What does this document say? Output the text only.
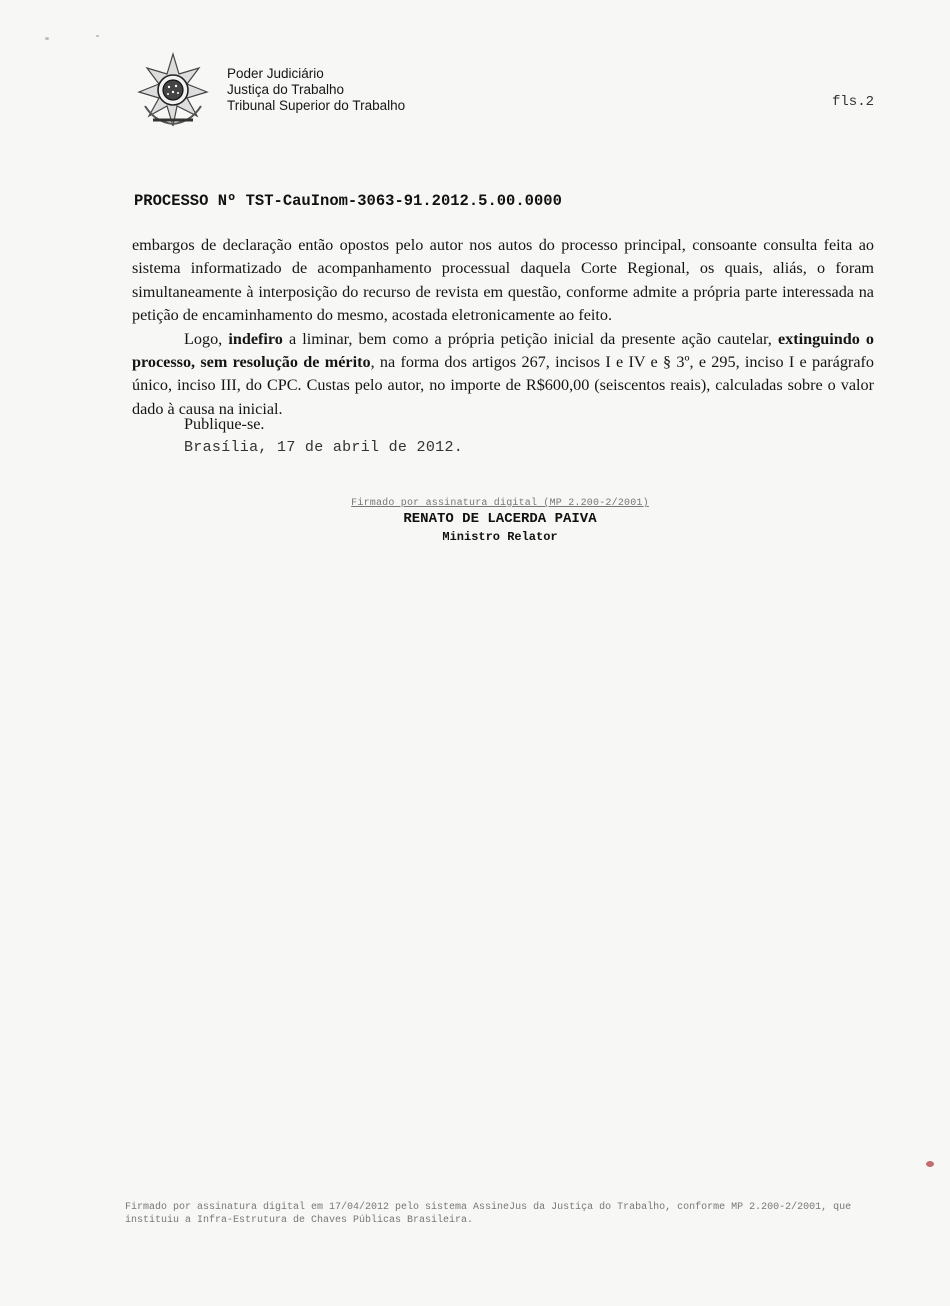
Poder Judiciário
Justiça do Trabalho
Tribunal Superior do Trabalho	fls.2
PROCESSO Nº TST-CauInom-3063-91.2012.5.00.0000

embargos de declaração então opostos pelo autor nos autos do processo principal, consoante consulta feita ao sistema informatizado de acompanhamento processual daquela Corte Regional, os quais, aliás, o foram simultaneamente à interposição do recurso de revista em questão, conforme admite a própria parte interessada na petição de encaminhamento do mesmo, acostada eletronicamente ao feito.

Logo, indefiro a liminar, bem como a própria petição inicial da presente ação cautelar, extinguindo o processo, sem resolução de mérito, na forma dos artigos 267, incisos I e IV e § 3º, e 295, inciso I e parágrafo único, inciso III, do CPC. Custas pelo autor, no importe de R$600,00 (seiscentos reais), calculadas sobre o valor dado à causa na inicial.

Publique-se.
Brasília, 17 de abril de 2012.
Firmado por assinatura digital (MP 2.200-2/2001)
RENATO DE LACERDA PAIVA
Ministro Relator
Firmado por assinatura digital em 17/04/2012 pelo sistema AssineJus da Justiça do Trabalho, conforme MP 2.200-2/2001, que instituiu a Infra-Estrutura de Chaves Públicas Brasileira.
